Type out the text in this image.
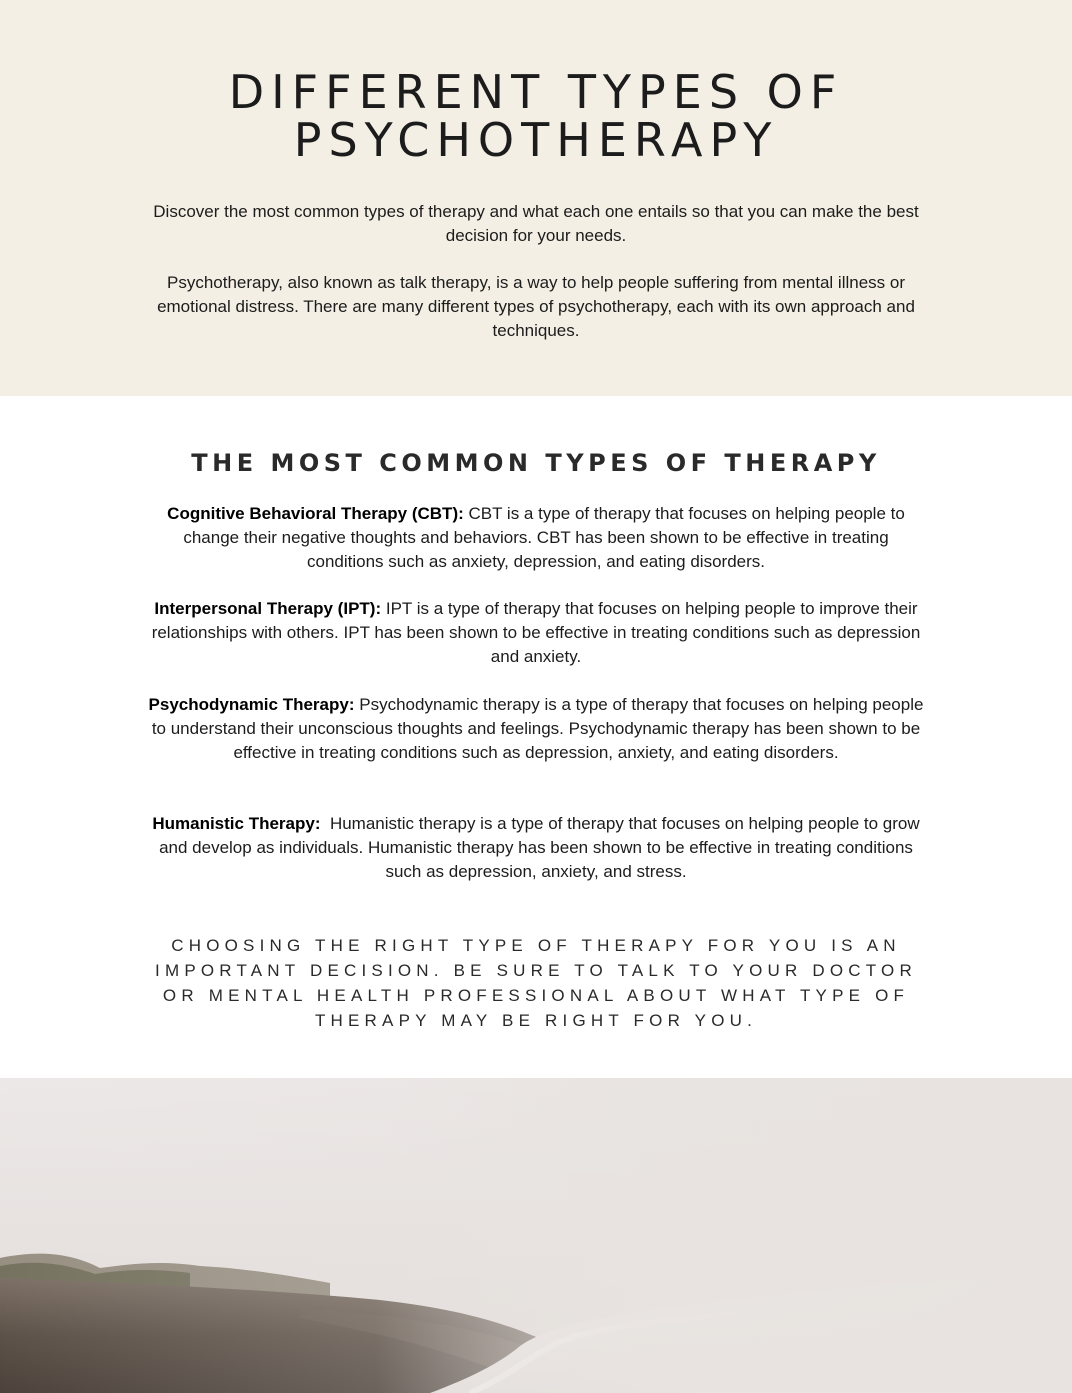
DIFFERENT TYPES OF
PSYCHOTHERAPY

Discover the most common types of therapy and what each one entails so that you can make the best decision for your needs.

Psychotherapy, also known as talk therapy, is a way to help people suffering from mental illness or emotional distress. There are many different types of psychotherapy, each with its own approach and techniques.

THE MOST COMMON TYPES OF THERAPY

Cognitive Behavioral Therapy (CBT): CBT is a type of therapy that focuses on helping people to change their negative thoughts and behaviors. CBT has been shown to be effective in treating conditions such as anxiety, depression, and eating disorders.

Interpersonal Therapy (IPT): IPT is a type of therapy that focuses on helping people to improve their relationships with others. IPT has been shown to be effective in treating conditions such as depression and anxiety.

Psychodynamic Therapy: Psychodynamic therapy is a type of therapy that focuses on helping people to understand their unconscious thoughts and feelings. Psychodynamic therapy has been shown to be effective in treating conditions such as depression, anxiety, and eating disorders.

Humanistic Therapy: Humanistic therapy is a type of therapy that focuses on helping people to grow and develop as individuals. Humanistic therapy has been shown to be effective in treating conditions such as depression, anxiety, and stress.

CHOOSING THE RIGHT TYPE OF THERAPY FOR YOU IS AN IMPORTANT DECISION. BE SURE TO TALK TO YOUR DOCTOR OR MENTAL HEALTH PROFESSIONAL ABOUT WHAT TYPE OF THERAPY MAY BE RIGHT FOR YOU.
